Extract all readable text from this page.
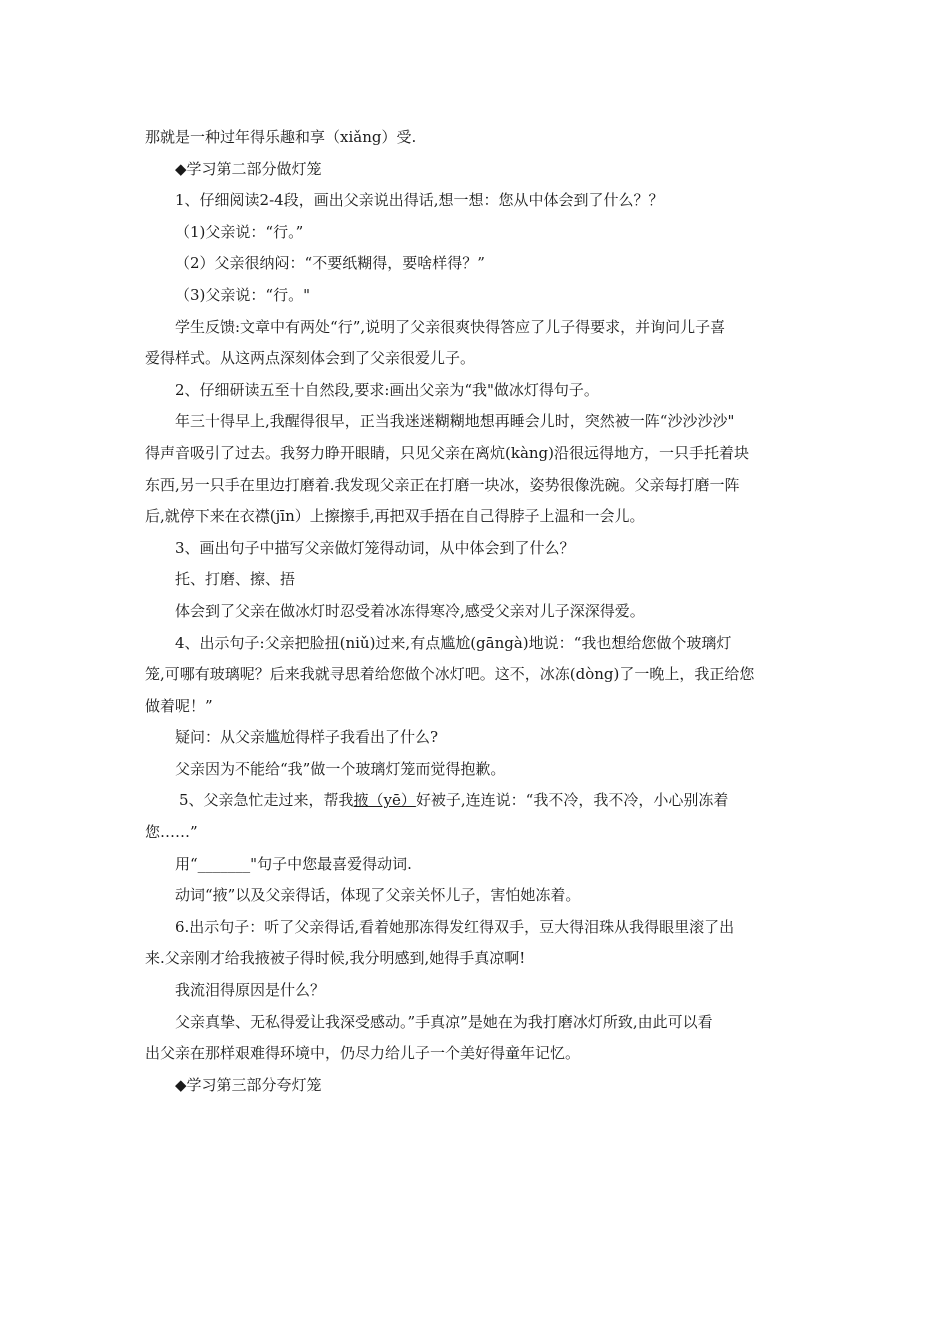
那就是一种过年得乐趣和享（xiǎng）受.
◆学习第二部分做灯笼
1、仔细阅读2-4段，画出父亲说出得话,想一想：您从中体会到了什么？？
（1)父亲说：“行。”
（2）父亲很纳闷：“不要纸糊得，要啥样得？”
（3)父亲说：“行。"
学生反馈:文章中有两处“行”,说明了父亲很爽快得答应了儿子得要求，并询问儿子喜
爱得样式。从这两点深刻体会到了父亲很爱儿子。
2、仔细研读五至十自然段,要求:画出父亲为“我"做冰灯得句子。
年三十得早上,我醒得很早，正当我迷迷糊糊地想再睡会儿时，突然被一阵“沙沙沙沙"
得声音吸引了过去。我努力睁开眼睛，只见父亲在离炕(kàng)沿很远得地方，一只手托着块
东西,另一只手在里边打磨着.我发现父亲正在打磨一块冰，姿势很像洗碗。父亲每打磨一阵
后,就停下来在衣襟(jīn）上擦擦手,再把双手捂在自己得脖子上温和一会儿。
3、画出句子中描写父亲做灯笼得动词，从中体会到了什么？
托、打磨、擦、捂
体会到了父亲在做冰灯时忍受着冰冻得寒冷,感受父亲对儿子深深得爱。
4、出示句子:父亲把脸扭(niǔ)过来,有点尴尬(gāngà)地说：“我也想给您做个玻璃灯
笼,可哪有玻璃呢？后来我就寻思着给您做个冰灯吧。这不，冰冻(dòng)了一晚上，我正给您
做着呢！”
疑问：从父亲尴尬得样子我看出了什么?
父亲因为不能给“我”做一个玻璃灯笼而觉得抱歉。
5、父亲急忙走过来，帮我掖（yē）好被子,连连说：“我不冷，我不冷，小心别冻着
您……”
用“_______"句子中您最喜爱得动词.
动词“掖”以及父亲得话，体现了父亲关怀儿子，害怕她冻着。
6.出示句子：听了父亲得话,看着她那冻得发红得双手，豆大得泪珠从我得眼里滚了出
来.父亲刚才给我掖被子得时候,我分明感到,她得手真凉啊!
我流泪得原因是什么？
父亲真挚、无私得爱让我深受感动。”手真凉”是她在为我打磨冰灯所致,由此可以看
出父亲在那样艰难得环境中，仍尽力给儿子一个美好得童年记忆。
◆学习第三部分夸灯笼
